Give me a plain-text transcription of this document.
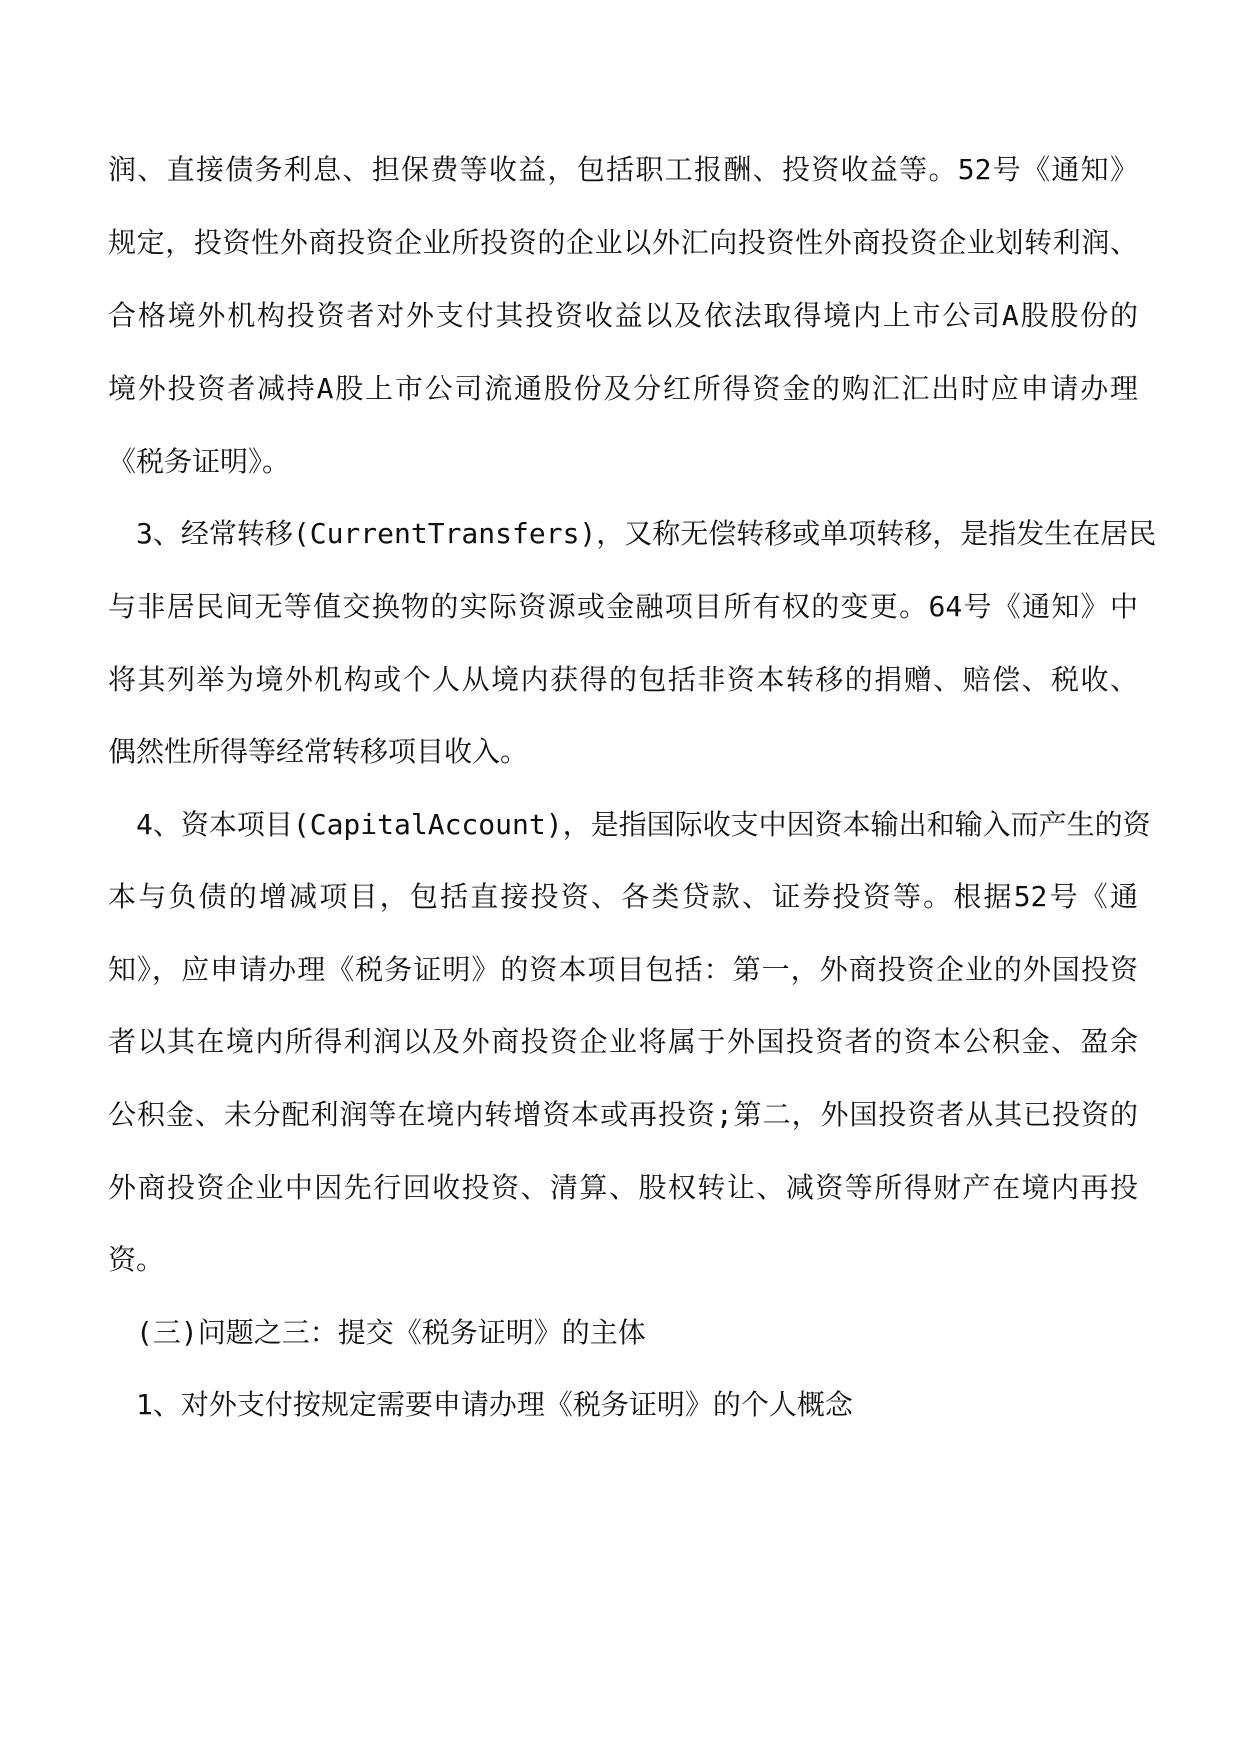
润、直接债务利息、担保费等收益，包括职工报酬、投资收益等。52号《通知》
规定，投资性外商投资企业所投资的企业以外汇向投资性外商投资企业划转利润、
合格境外机构投资者对外支付其投资收益以及依法取得境内上市公司A股股份的
境外投资者减持A股上市公司流通股份及分红所得资金的购汇汇出时应申请办理
《税务证明》。
3、经常转移(CurrentTransfers)，又称无偿转移或单项转移，是指发生在居民
与非居民间无等值交换物的实际资源或金融项目所有权的变更。64号《通知》中
将其列举为境外机构或个人从境内获得的包括非资本转移的捐赠、赔偿、税收、
偶然性所得等经常转移项目收入。
4、资本项目(CapitalAccount)，是指国际收支中因资本输出和输入而产生的资
本与负债的增减项目，包括直接投资、各类贷款、证券投资等。根据52号《通
知》，应申请办理《税务证明》的资本项目包括：第一，外商投资企业的外国投资
者以其在境内所得利润以及外商投资企业将属于外国投资者的资本公积金、盈余
公积金、未分配利润等在境内转增资本或再投资;第二，外国投资者从其已投资的
外商投资企业中因先行回收投资、清算、股权转让、减资等所得财产在境内再投
资。
(三)问题之三：提交《税务证明》的主体
1、对外支付按规定需要申请办理《税务证明》的个人概念
